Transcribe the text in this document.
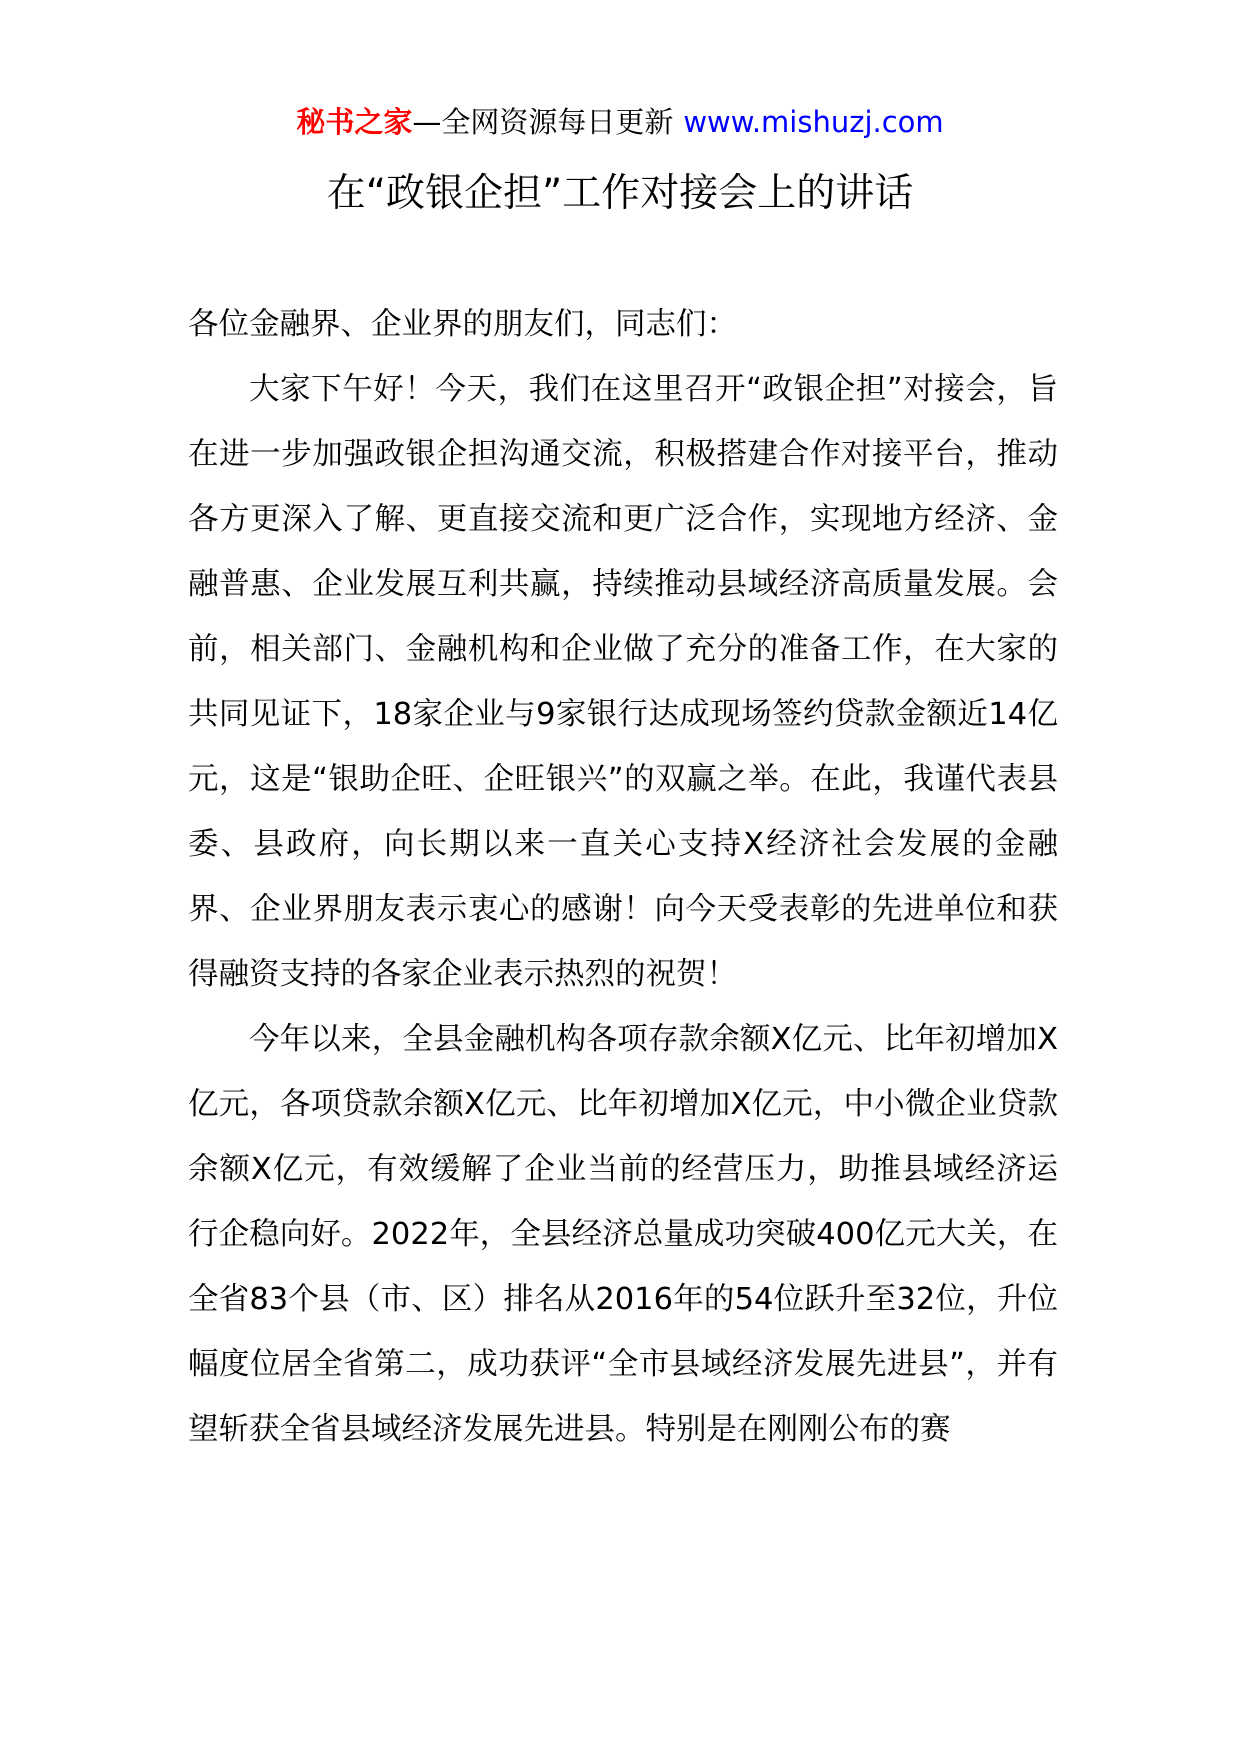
秘书之家—全网资源每日更新 www.mishuzj.com
在“政银企担”工作对接会上的讲话

各位金融界、企业界的朋友们，同志们：

大家下午好！今天，我们在这里召开“政银企担”对接会，旨在进一步加强政银企担沟通交流，积极搭建合作对接平台，推动各方更深入了解、更直接交流和更广泛合作，实现地方经济、金融普惠、企业发展互利共赢，持续推动县域经济高质量发展。会前，相关部门、金融机构和企业做了充分的准备工作，在大家的共同见证下，18家企业与9家银行达成现场签约贷款金额近14亿元，这是“银助企旺、企旺银兴”的双赢之举。在此，我谨代表县委、县政府，向长期以来一直关心支持X经济社会发展的金融界、企业界朋友表示衷心的感谢！向今天受表彰的先进单位和获得融资支持的各家企业表示热烈的祝贺！

今年以来，全县金融机构各项存款余额X亿元、比年初增加X亿元，各项贷款余额X亿元、比年初增加X亿元，中小微企业贷款余额X亿元，有效缓解了企业当前的经营压力，助推县域经济运行企稳向好。2022年，全县经济总量成功突破400亿元大关，在全省83个县（市、区）排名从2016年的54位跃升至32位，升位幅度位居全省第二，成功获评“全市县域经济发展先进县”，并有望斩获全省县域经济发展先进县。特别是在刚刚公布的赛
